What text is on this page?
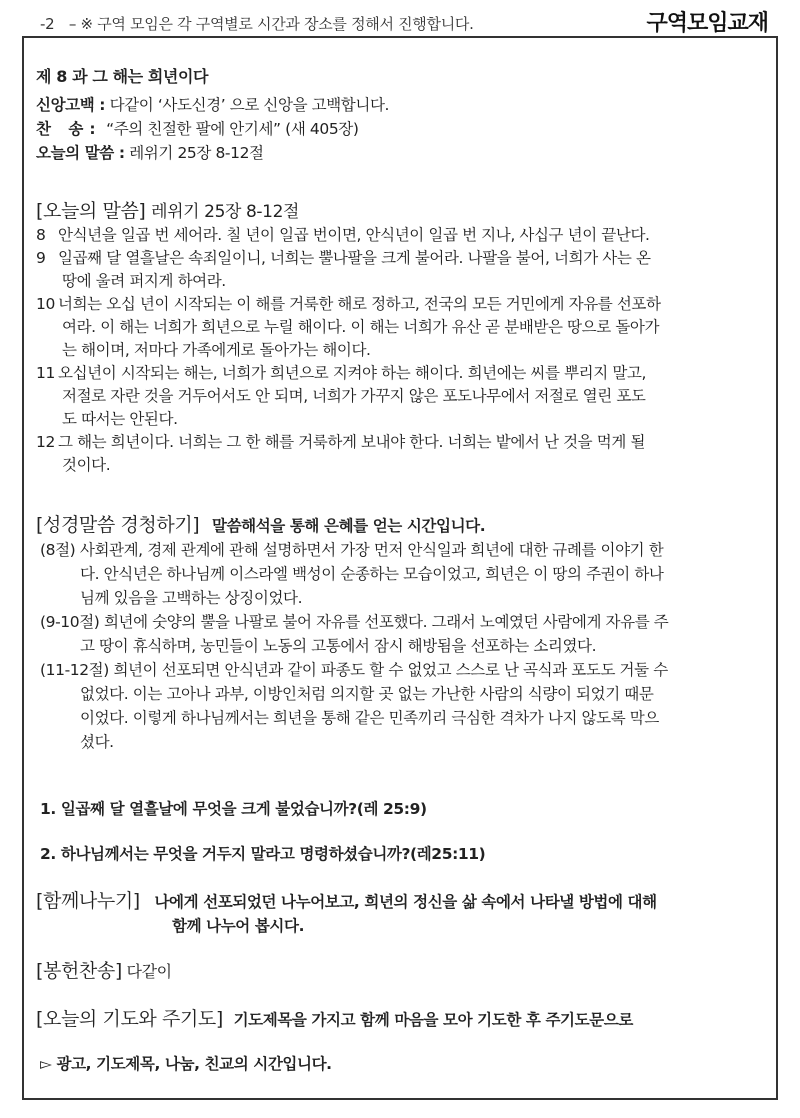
-2 – ※ 구역 모임은 각 구역별로 시간과 장소를 정해서 진행합니다.	구역모임교재
제 8 과 그 해는 희년이다
신앙고백 : 다같이 ‘사도신경’ 으로 신앙을 고백합니다.
찬 송: “주의 친절한 팔에 안기세” (새 405장)
오늘의 말씀 : 레위기 25장 8-12절
[오늘의 말씀] 레위기 25장 8-12절
8 안식년을 일곱 번 세어라. 칠 년이 일곱 번이면, 안식년이 일곱 번 지나, 사십구 년이 끝난다.
9 일곱째 달 열흘날은 속죄일이니, 너희는 뿔나팔을 크게 불어라. 나팔을 불어, 너희가 사는 온
땅에 울려 퍼지게 하여라.
10 너희는 오십 년이 시작되는 이 해를 거룩한 해로 정하고, 전국의 모든 거민에게 자유를 선포하
여라. 이 해는 너희가 희년으로 누릴 해이다. 이 해는 너희가 유산 곧 분배받은 땅으로 돌아가
는 해이며, 저마다 가족에게로 돌아가는 해이다.
11 오십년이 시작되는 해는, 너희가 희년으로 지켜야 하는 해이다. 희년에는 씨를 뿌리지 말고,
저절로 자란 것을 거두어서도 안 되며, 너희가 가꾸지 않은 포도나무에서 저절로 열린 포도
도 따서는 안된다.
12 그 해는 희년이다. 너희는 그 한 해를 거룩하게 보내야 한다. 너희는 밭에서 난 것을 먹게 될
것이다.
[성경말씀 경청하기] 말씀해석을 통해 은혜를 얻는 시간입니다.
(8절) 사회관계, 경제 관계에 관해 설명하면서 가장 먼저 안식일과 희년에 대한 규례를 이야기 한
다. 안식년은 하나님께 이스라엘 백성이 순종하는 모습이었고, 희년은 이 땅의 주권이 하나
님께 있음을 고백하는 상징이었다.
(9-10절) 희년에 숫양의 뿔을 나팔로 불어 자유를 선포했다. 그래서 노예였던 사람에게 자유를 주
고 땅이 휴식하며, 농민들이 노동의 고통에서 잠시 해방됨을 선포하는 소리였다.
(11-12절) 희년이 선포되면 안식년과 같이 파종도 할 수 없었고 스스로 난 곡식과 포도도 거둘 수
없었다. 이는 고아나 과부, 이방인처럼 의지할 곳 없는 가난한 사람의 식량이 되었기 때문
이었다. 이렇게 하나님께서는 희년을 통해 같은 민족끼리 극심한 격차가 나지 않도록 막으
셨다.
1. 일곱째 달 열흘날에 무엇을 크게 불었습니까?(레 25:9)
2. 하나님께서는 무엇을 거두지 말라고 명령하셨습니까?(레25:11)
[함께나누기] 나에게 선포되었던 나누어보고, 희년의 정신을 삶 속에서 나타낼 방법에 대해
함께 나누어 봅시다.
[봉헌찬송] 다같이
[오늘의 기도와 주기도] 기도제목을 가지고 함께 마음을 모아 기도한 후 주기도문으로
▻ 광고, 기도제목, 나눔, 친교의 시간입니다.
